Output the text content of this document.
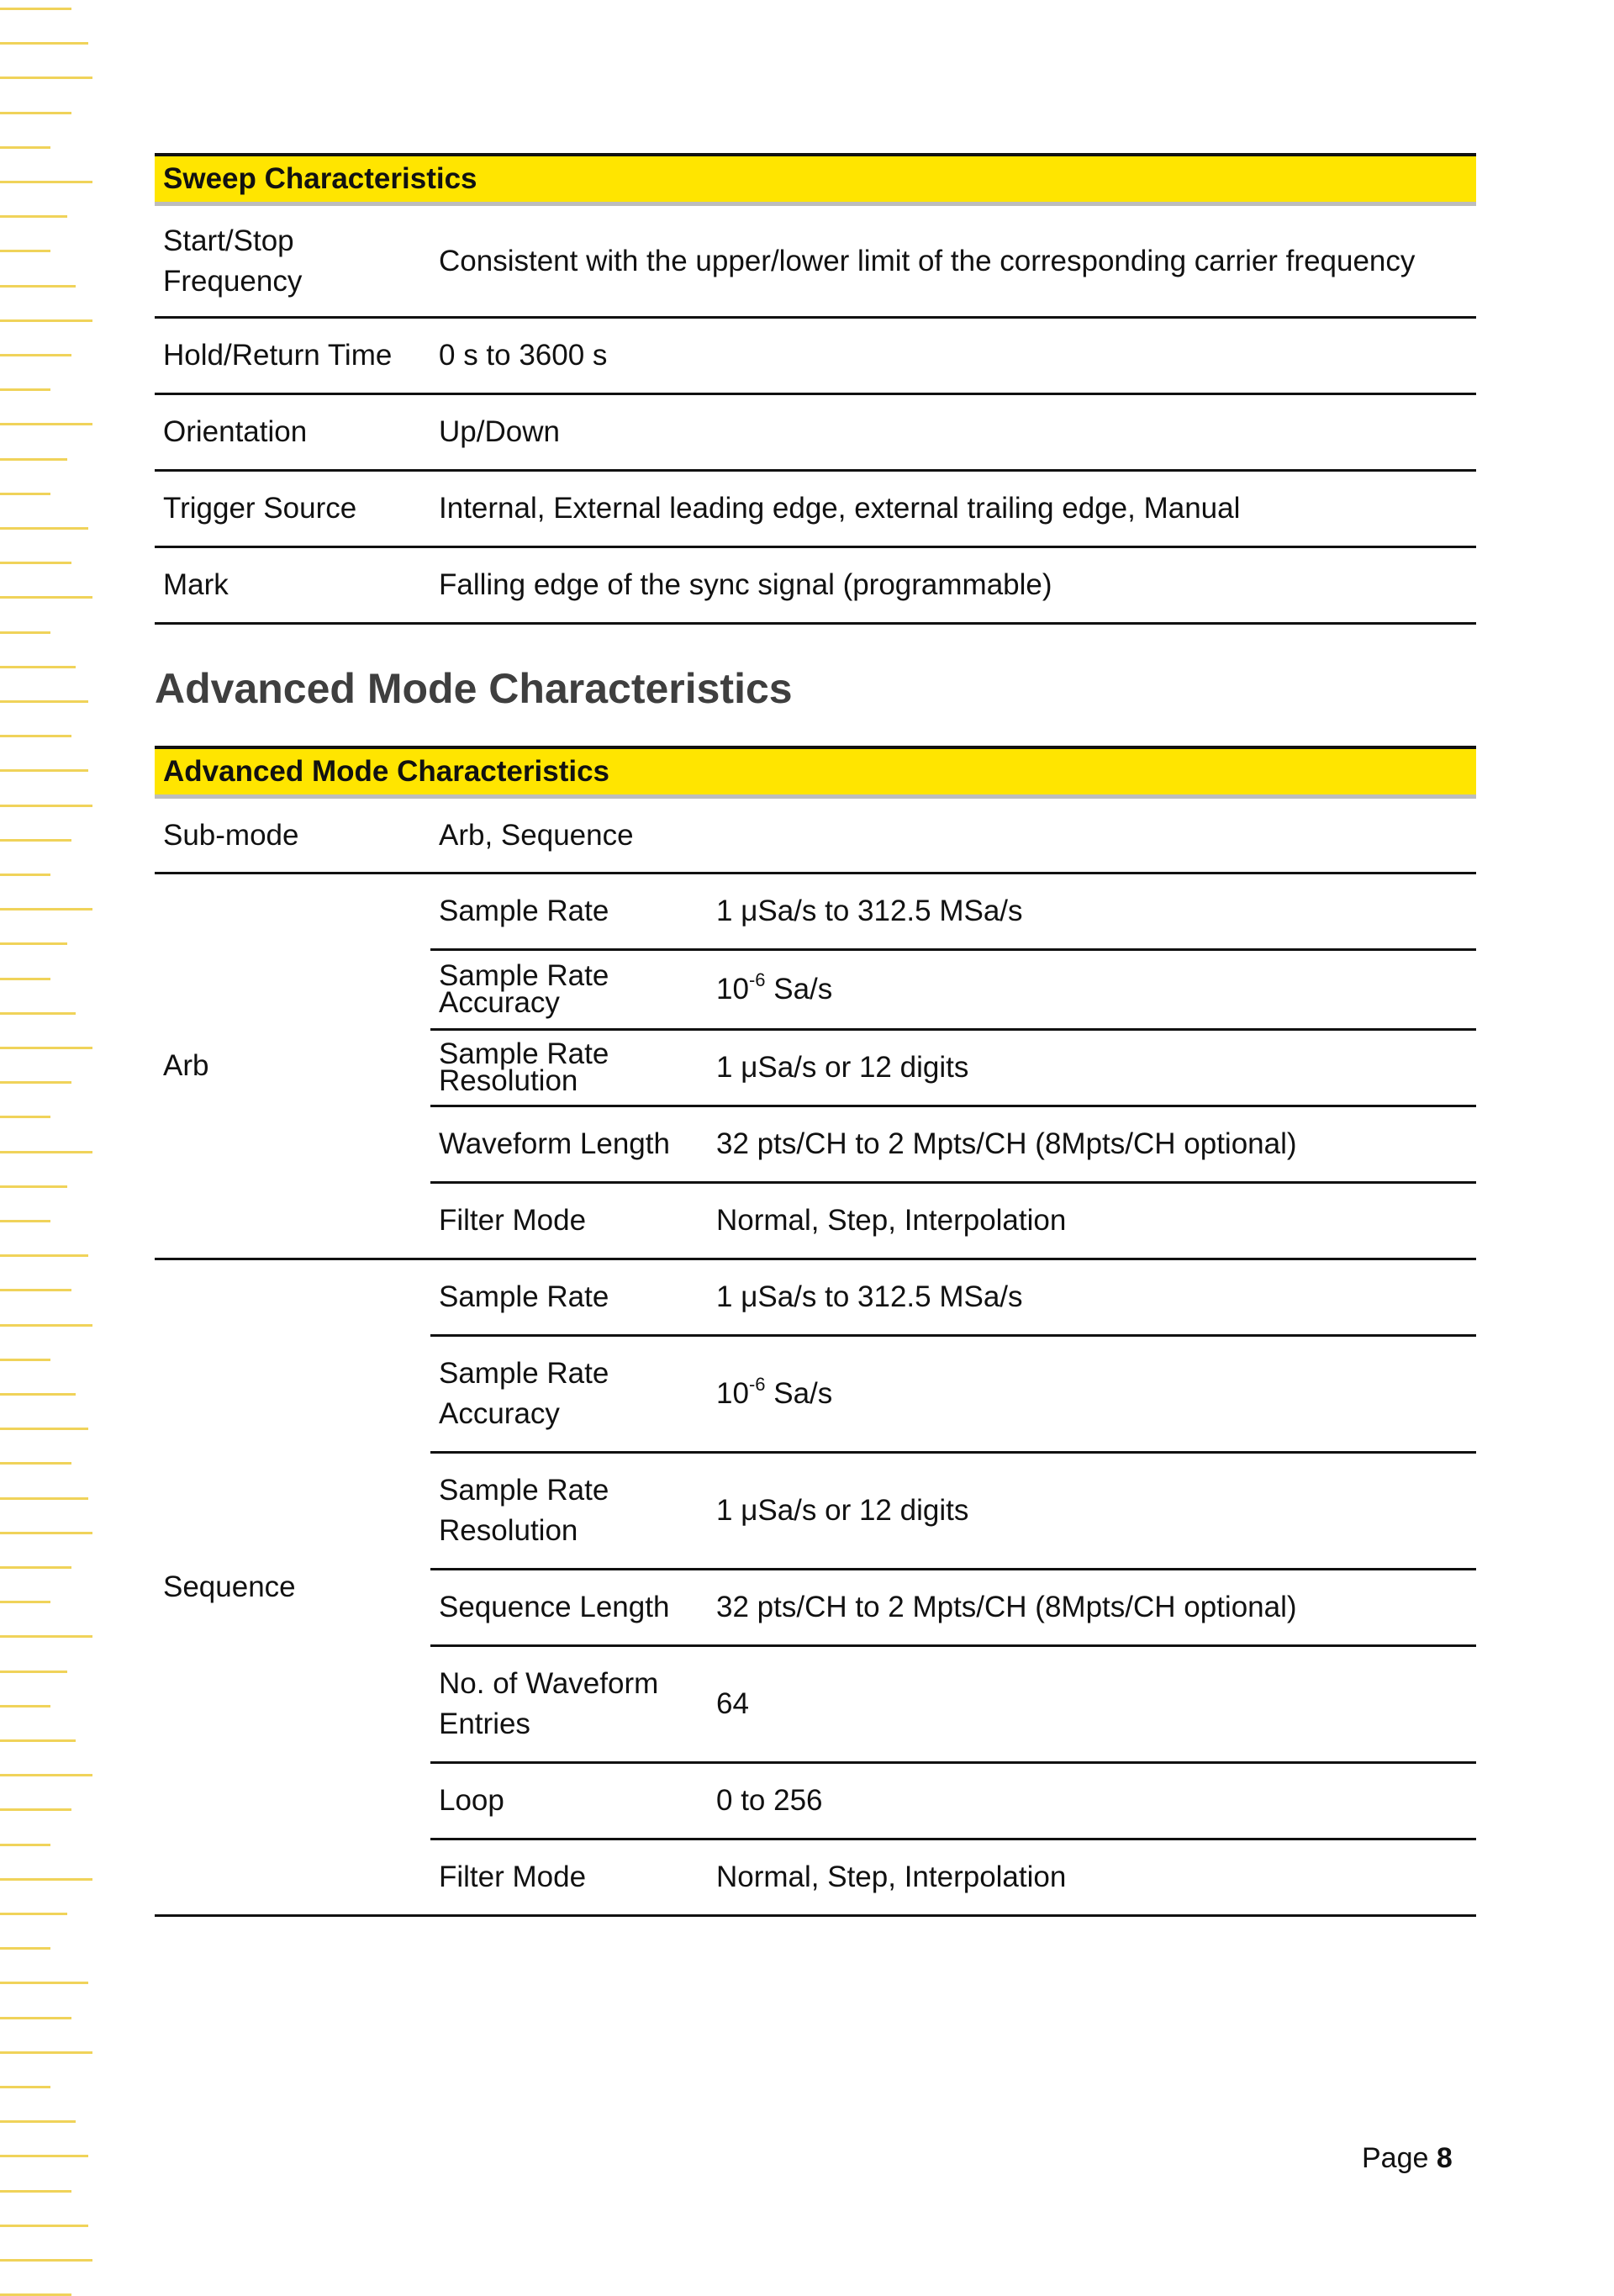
Sweep Characteristics	
Start/Stop Frequency	Consistent with the upper/lower limit of the corresponding carrier frequency
Hold/Return Time	0 s to 3600 s
Orientation	Up/Down
Trigger Source	Internal, External leading edge, external trailing edge, Manual
Mark	Falling edge of the sync signal (programmable)
Advanced Mode Characteristics
Advanced Mode Characteristics		
Sub-mode	Arb, Sequence	
Arb	Sample Rate	1 μSa/s to 312.5 MSa/s
	Sample Rate Accuracy	$10^{-6}$ Sa/s
	Sample Rate Resolution	1 μSa/s or 12 digits
	Waveform Length	32 pts/CH to 2 Mpts/CH (8Mpts/CH optional)
	Filter Mode	Normal, Step, Interpolation
Sequence	Sample Rate	1 μSa/s to 312.5 MSa/s
	Sample Rate Accuracy	$10^{-6}$ Sa/s
	Sample Rate Resolution	1 μSa/s or 12 digits
	Sequence Length	32 pts/CH to 2 Mpts/CH (8Mpts/CH optional)
	No. of Waveform Entries	64
	Loop	0 to 256
	Filter Mode	Normal, Step, Interpolation
Page 8
